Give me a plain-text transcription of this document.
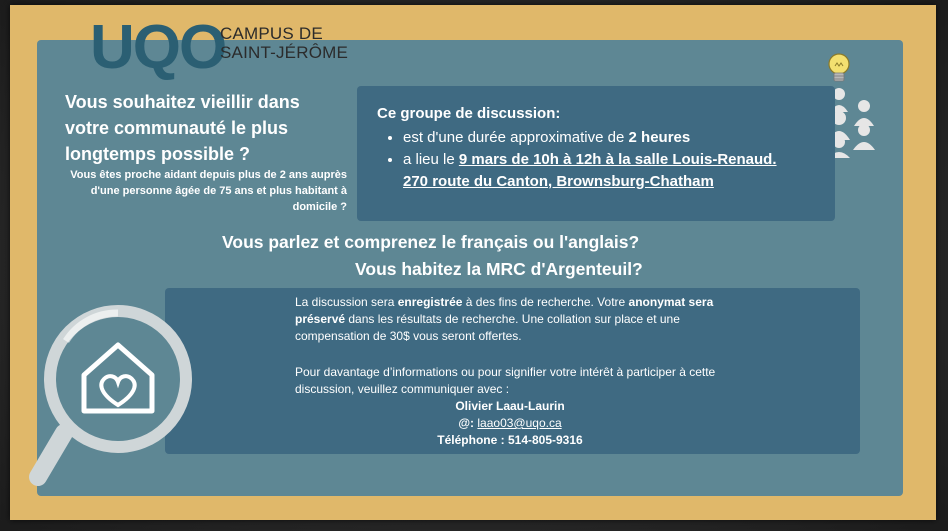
UQO
CAMPUS DE
SAINT-JÉRÔME
Vous souhaitez vieillir dans votre communauté le plus longtemps possible ?
Vous êtes proche aidant depuis plus de 2 ans auprès d'une personne âgée de 75 ans et plus habitant à domicile ?
Ce groupe de discussion:
• est d'une durée approximative de 2 heures
• a lieu le 9 mars de 10h à 12h à la salle Louis-Renaud.
270 route du Canton, Brownsburg-Chatham
Vous parlez et comprenez le français ou l'anglais?
Vous habitez la MRC d'Argenteuil?

La discussion sera enregistrée à des fins de recherche. Votre anonymat sera préservé dans les résultats de recherche. Une collation sur place et une compensation de 30$ vous seront offertes.

Pour davantage d’informations ou pour signifier votre intérêt à participer à cette discussion, veuillez communiquer avec :

Olivier Laau-Laurin
@: laao03@uqo.ca
Téléphone : 514-805-9316
